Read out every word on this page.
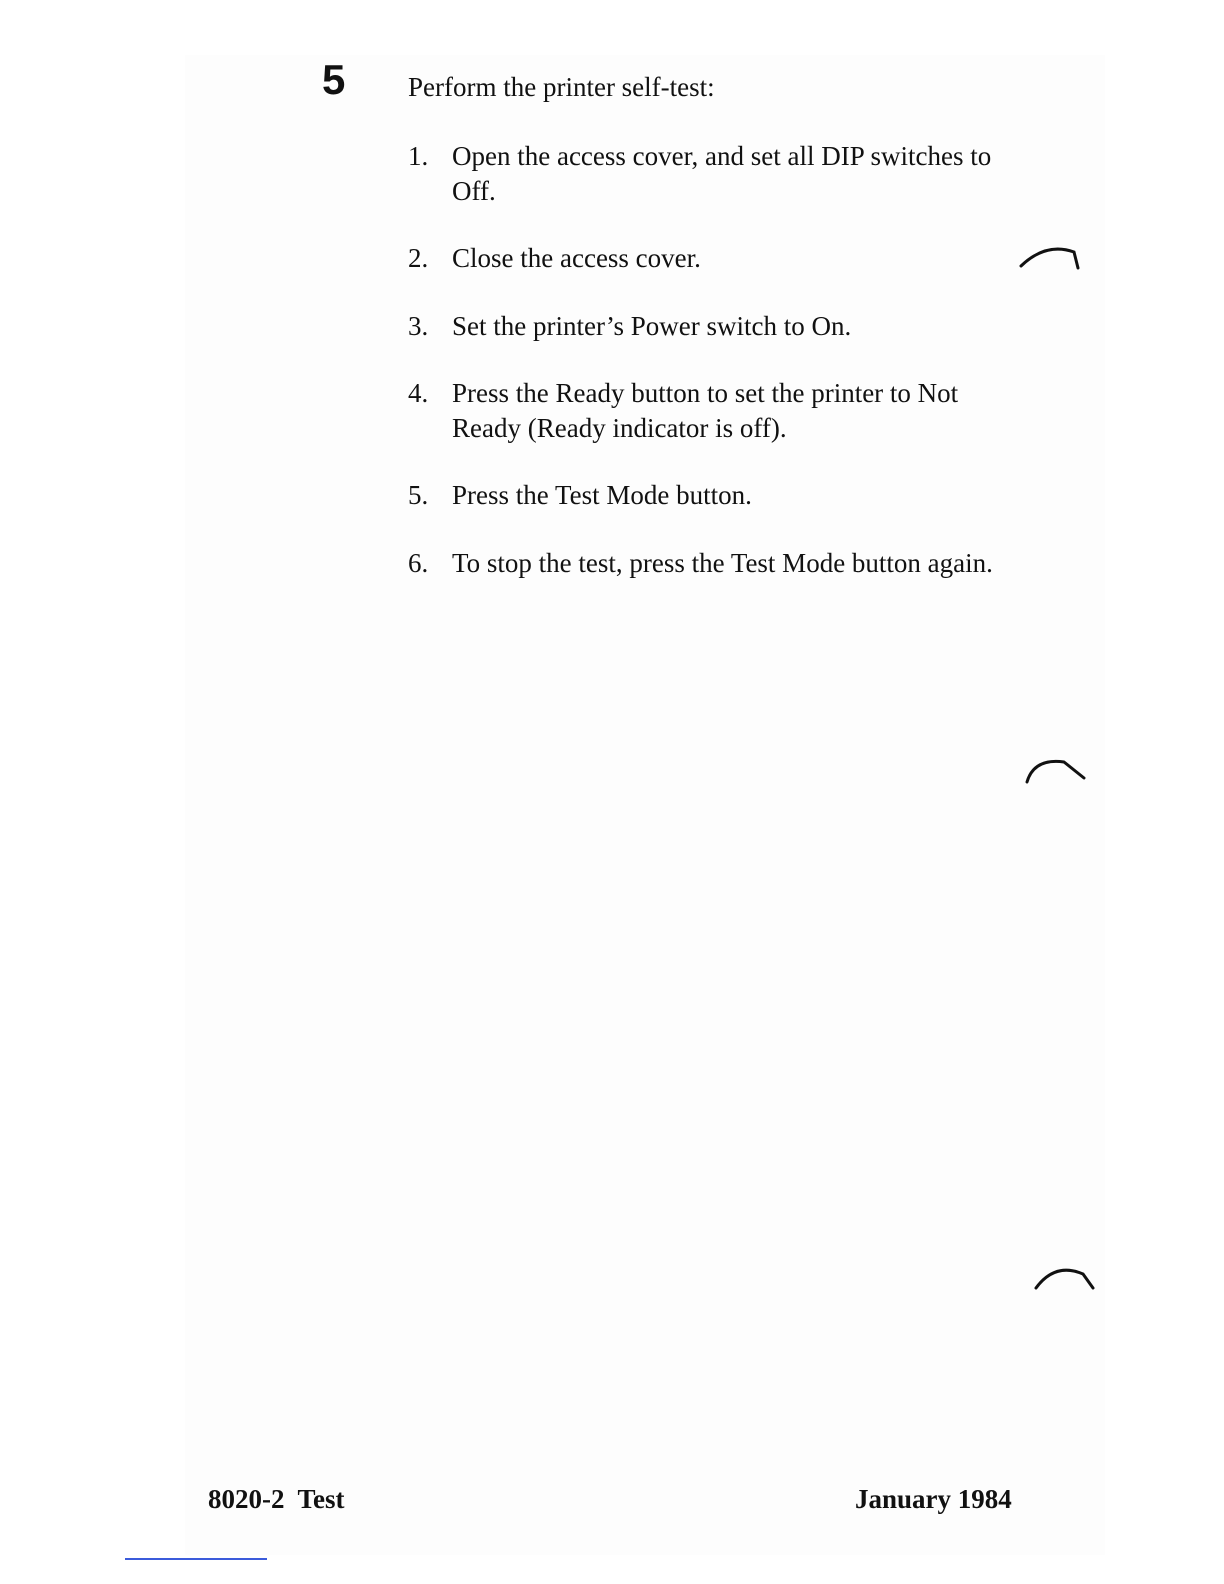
5 Perform the printer self-test:
1. Open the access cover, and set all DIP switches to Off.
2. Close the access cover.
3. Set the printer’s Power switch to On.
4. Press the Ready button to set the printer to Not Ready (Ready indicator is off).
5. Press the Test Mode button.
6. To stop the test, press the Test Mode button again.
8020-2  Test	January 1984
